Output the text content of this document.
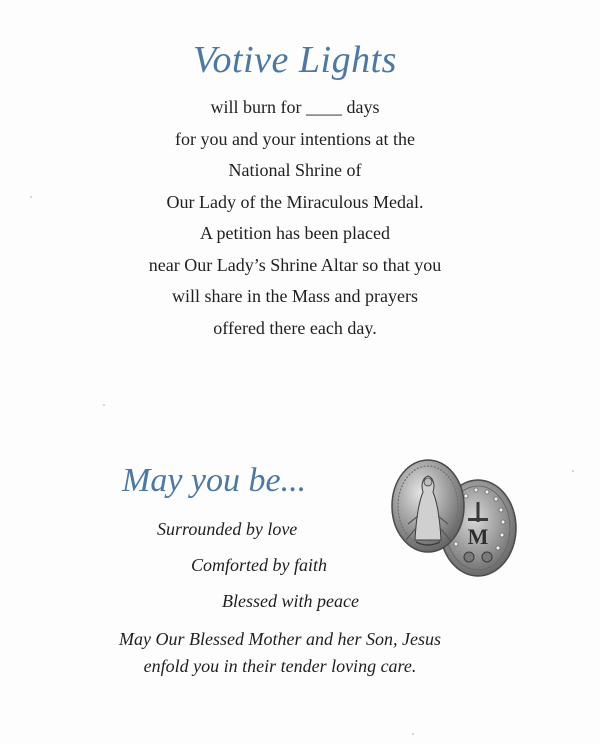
Votive Lights
will burn for ____ days
for you and your intentions at the
National Shrine of
Our Lady of the Miraculous Medal.
A petition has been placed
near Our Lady’s Shrine Altar so that you
will share in the Mass and prayers
offered there each day.
May you be...
Surrounded by love
Comforted by faith
Blessed with peace
May Our Blessed Mother and her Son, Jesus
enfold you in their tender loving care.
M
